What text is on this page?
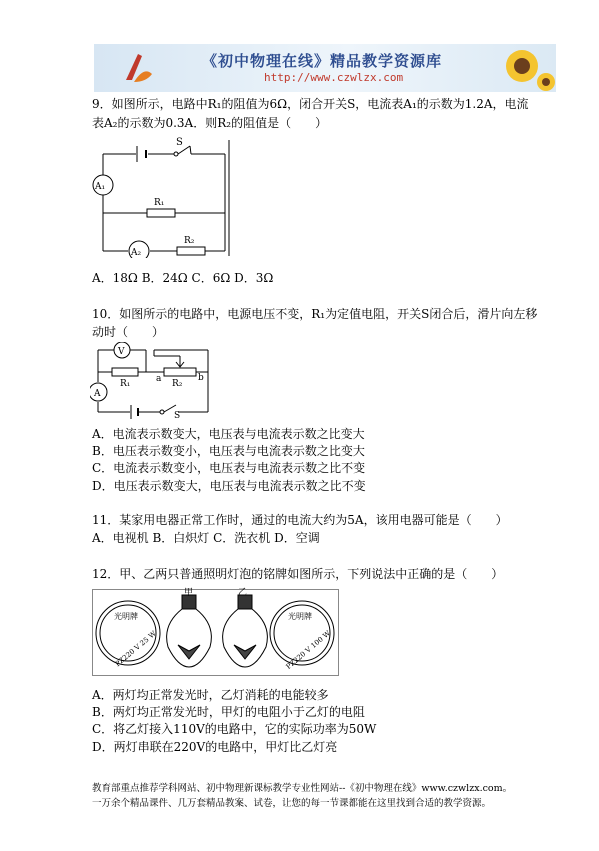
《初中物理在线》精品教学资源库
http://www.czwlzx.com
9．如图所示，电路中R₁的阻值为6Ω，闭合开关S，电流表A₁的示数为1.2A，电流
表A₂的示数为0.3A．则R₂的阻值是（　　）
S
A₁
R₁
A₂
R₂
A．18Ω B．24Ω C．6Ω D．3Ω
10．如图所示的电路中，电源电压不变，R₁为定值电阻，开关S闭合后，滑片向左移
动时（　　）
V
A
R₁	R₂
a	b
S
A．电流表示数变大，电压表与电流表示数之比变大
B．电压表示数变小，电压表与电流表示数之比变大
C．电流表示数变小，电压表与电流表示数之比不变
D．电压表示数变大，电压表与电流表示数之比不变
11．某家用电器正常工作时，通过的电流大约为5A，该用电器可能是（　　）
A．电视机 B．白炽灯 C．洗衣机 D．空调
12．甲、乙两只普通照明灯泡的铭牌如图所示，下列说法中正确的是（　　）
甲	乙
光明牌
PZ220 V 25 W
光明牌
PZ220 V 100 W
A．两灯均正常发光时，乙灯消耗的电能较多
B．两灯均正常发光时，甲灯的电阻小于乙灯的电阻
C．将乙灯接入110V的电路中，它的实际功率为50W
D．两灯串联在220V的电路中，甲灯比乙灯亮
教育部重点推荐学科网站、初中物理新课标教学专业性网站--《初中物理在线》www.czwlzx.com。
一万余个精品课件、几万套精品教案、试卷，让您的每一节课都能在这里找到合适的教学资源。
